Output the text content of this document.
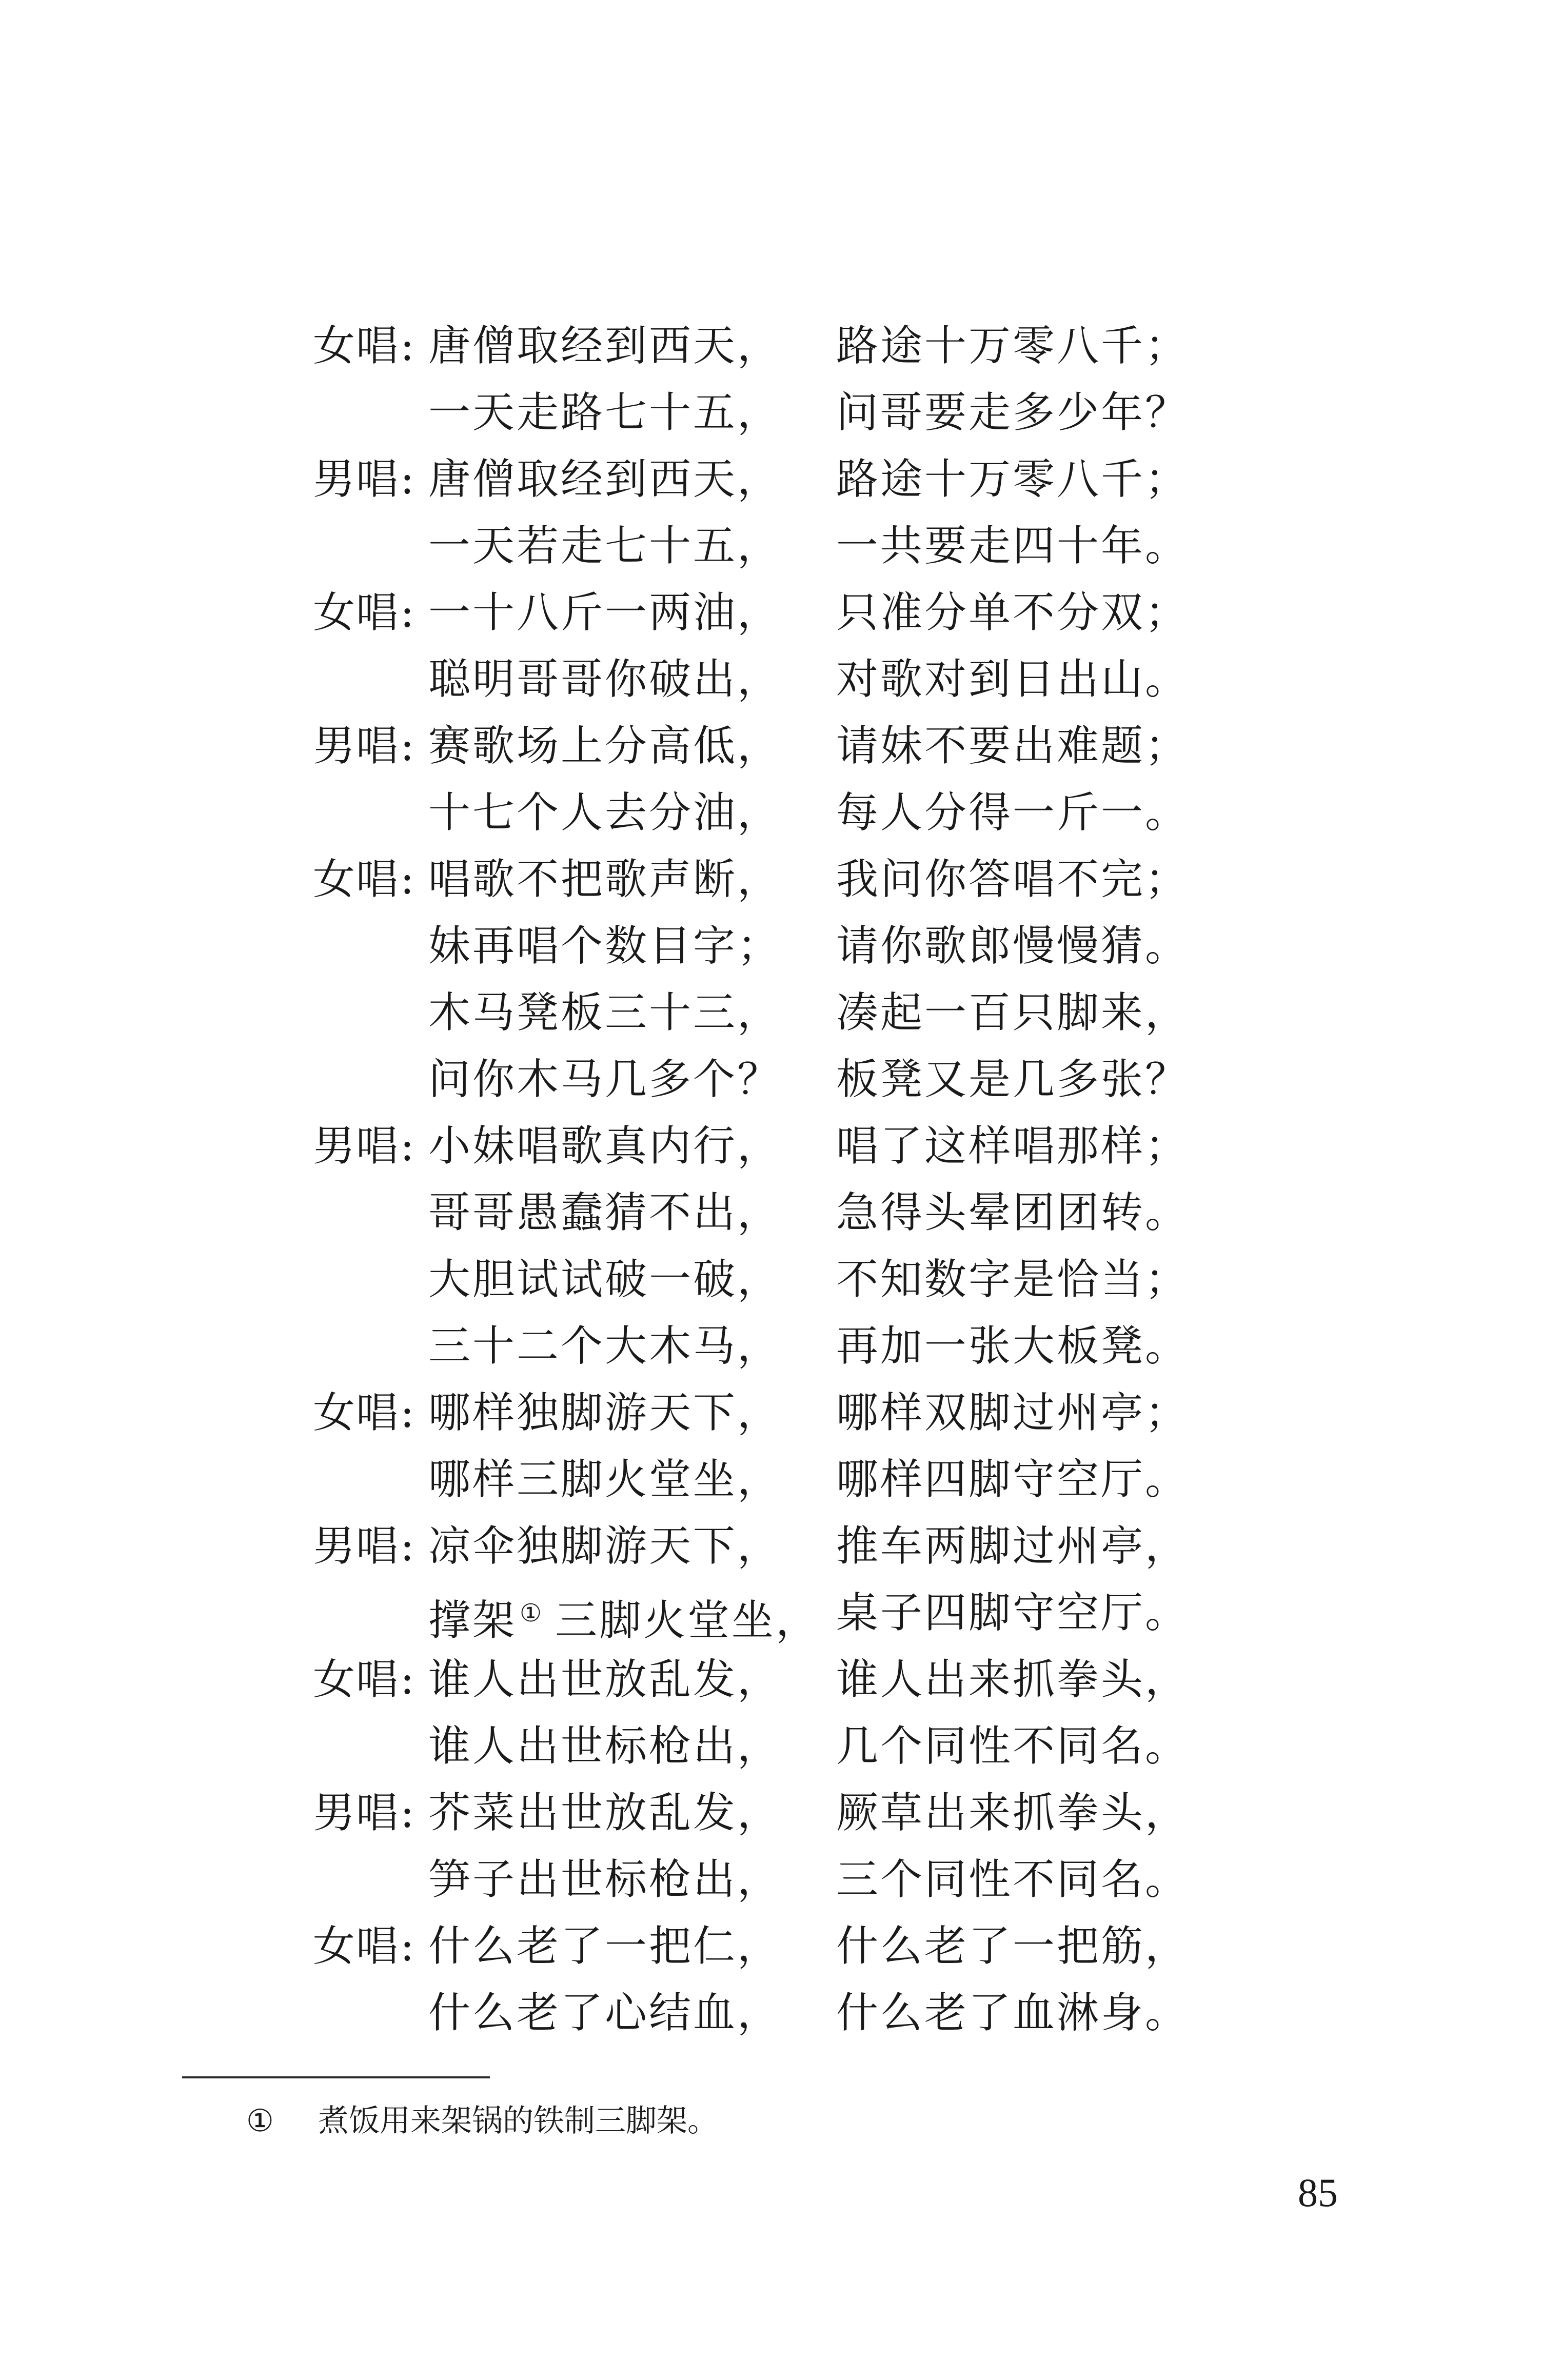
女唱: 唐僧取经到西天， 路途十万零八千；
一天走路七十五， 问哥要走多少年？
男唱: 唐僧取经到西天， 路途十万零八千；
一天若走七十五， 一共要走四十年。
女唱: 一十八斤一两油， 只准分单不分双；
聪明哥哥你破出， 对歌对到日出山。
男唱: 赛歌场上分高低， 请妹不要出难题；
十七个人去分油， 每人分得一斤一。
女唱: 唱歌不把歌声断， 我问你答唱不完；
妹再唱个数目字； 请你歌郎慢慢猜。
木马凳板三十三， 凑起一百只脚来，
问你木马几多个？ 板凳又是几多张？
男唱: 小妹唱歌真内行， 唱了这样唱那样；
哥哥愚蠢猜不出， 急得头晕团团转。
大胆试试破一破， 不知数字是恰当；
三十二个大木马， 再加一张大板凳。
女唱: 哪样独脚游天下， 哪样双脚过州亭；
哪样三脚火堂坐， 哪样四脚守空厅。
男唱: 凉伞独脚游天下， 推车两脚过州亭，
撑架 ① 三脚火堂坐， 桌子四脚守空厅。
女唱: 谁人出世放乱发， 谁人出来抓拳头，
谁人出世标枪出， 几个同性不同名。
男唱: 芥菜出世放乱发， 厥草出来抓拳头，
笋子出世标枪出， 三个同性不同名。
女唱: 什么老了一把仁， 什么老了一把筋，
什么老了心结血， 什么老了血淋身。
① 煮饭用来架锅的铁制三脚架。
85
